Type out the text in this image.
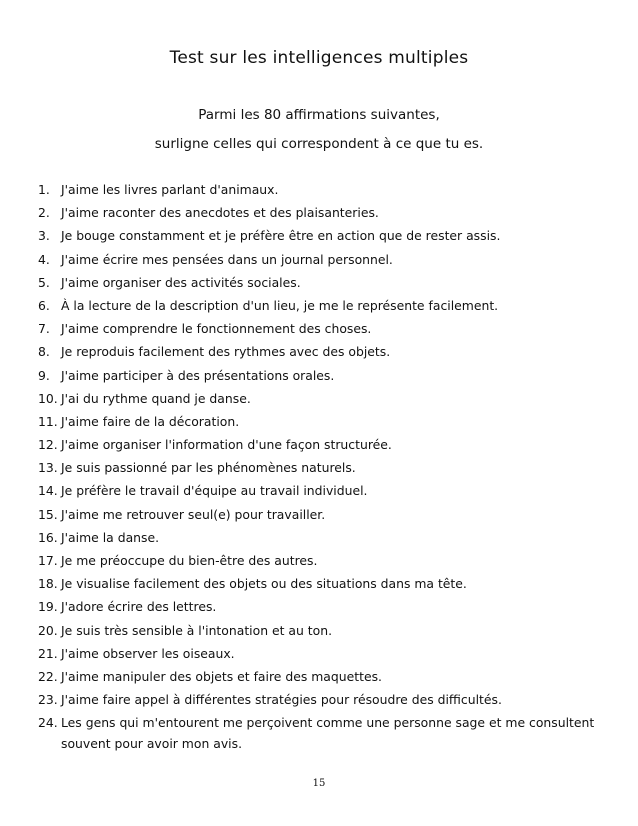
Test sur les intelligences multiples
Parmi les 80 affirmations suivantes,
surligne celles qui correspondent à ce que tu es.
1. J'aime les livres parlant d'animaux.
2. J'aime raconter des anecdotes et des plaisanteries.
3. Je bouge constamment et je préfère être en action que de rester assis.
4. J'aime écrire mes pensées dans un journal personnel.
5. J'aime organiser des activités sociales.
6. À la lecture de la description d'un lieu, je me le représente facilement.
7. J'aime comprendre le fonctionnement des choses.
8. Je reproduis facilement des rythmes avec des objets.
9. J'aime participer à des présentations orales.
10. J'ai du rythme quand je danse.
11. J'aime faire de la décoration.
12. J'aime organiser l'information d'une façon structurée.
13. Je suis passionné par les phénomènes naturels.
14. Je préfère le travail d'équipe au travail individuel.
15. J'aime me retrouver seul(e) pour travailler.
16. J'aime la danse.
17. Je me préoccupe du bien-être des autres.
18. Je visualise facilement des objets ou des situations dans ma tête.
19. J'adore écrire des lettres.
20. Je suis très sensible à l'intonation et au ton.
21. J'aime observer les oiseaux.
22. J'aime manipuler des objets et faire des maquettes.
23. J'aime faire appel à différentes stratégies pour résoudre des difficultés.
24. Les gens qui m'entourent me perçoivent comme une personne sage et me consultent souvent pour avoir mon avis.
15
